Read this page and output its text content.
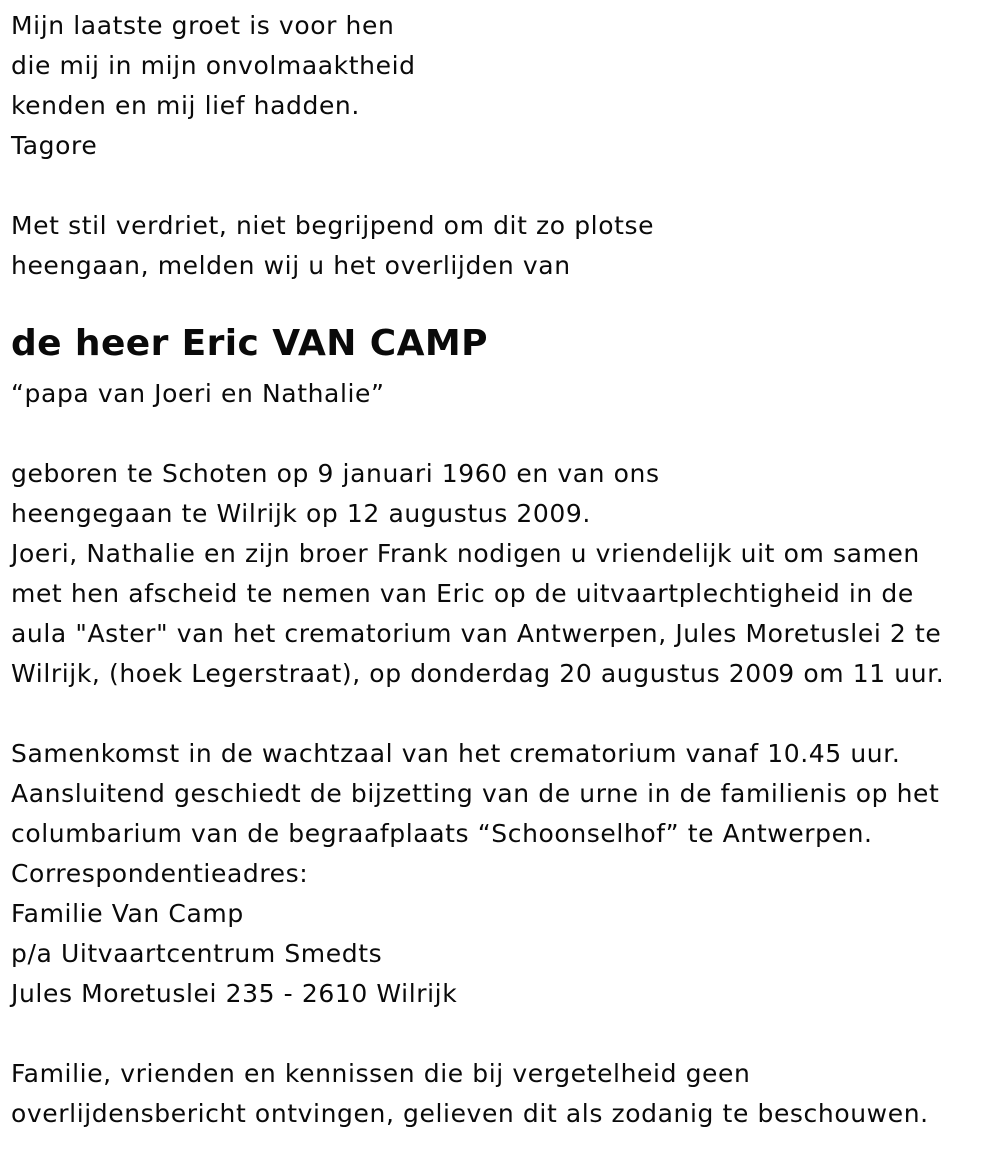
Mijn laatste groet is voor hen
die mij in mijn onvolmaaktheid
kenden en mij lief hadden.
Tagore
Met stil verdriet, niet begrijpend om dit zo plotse
heengaan, melden wij u het overlijden van
de heer Eric VAN CAMP
“papa van Joeri en Nathalie”
geboren te Schoten op 9 januari 1960 en van ons
heengegaan te Wilrijk op 12 augustus 2009.
Joeri, Nathalie en zijn broer Frank nodigen u vriendelijk uit om samen
met hen afscheid te nemen van Eric op de uitvaartplechtigheid in de
aula "Aster" van het crematorium van Antwerpen, Jules Moretuslei 2 te
Wilrijk, (hoek Legerstraat), op donderdag 20 augustus 2009 om 11 uur.
Samenkomst in de wachtzaal van het crematorium vanaf 10.45 uur.
Aansluitend geschiedt de bijzetting van de urne in de familienis op het
columbarium van de begraafplaats “Schoonselhof” te Antwerpen.
Correspondentieadres:
Familie Van Camp
p/a Uitvaartcentrum Smedts
Jules Moretuslei 235 - 2610 Wilrijk
Familie, vrienden en kennissen die bij vergetelheid geen
overlijdensbericht ontvingen, gelieven dit als zodanig te beschouwen.
